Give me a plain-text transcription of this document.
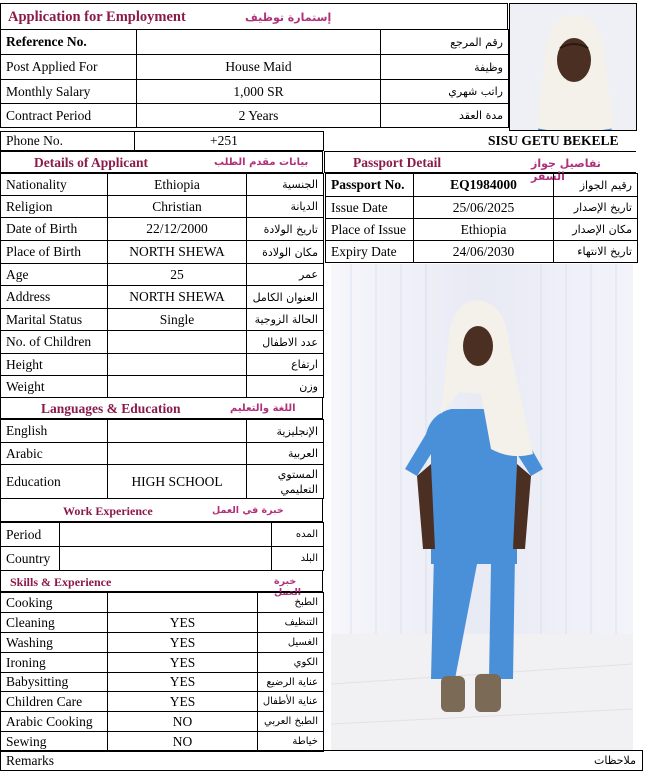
Application for Employment	إستمارة توظيف
Reference No.		رقم المرجع
Post Applied For	House Maid	وظيفة
Monthly Salary	1,000 SR	راتب شهري
Contract Period	2 Years	مدة العقد
Phone No.	+251	SISU GETU BEKELE
Details of Applicant	بيانات مقدم الطلب
Nationality	Ethiopia	الجنسية
Religion	Christian	الديانة
Date of Birth	22/12/2000	تاريخ الولادة
Place of Birth	NORTH SHEWA	مكان الولادة
Age	25	عمر
Address	NORTH SHEWA	العنوان الكامل
Marital Status	Single	الحالة الزوجية
No. of Children		عدد الاطفال
Height		ارتفاع
Weight		وزن
Languages & Education	اللغة والتعليم
English		الإنجليزية
Arabic		العربية
Education	HIGH SCHOOL	المستوي
التعليمي
Work Experience	خبرة في العمل
Period		المده
Country		البلد
Skills & Experience	خبرة العمل
Cooking		الطبخ
Cleaning	YES	التنظيف
Washing	YES	الغسيل
Ironing	YES	الكوي
Babysitting	YES	عناية الرضيع
Children Care	YES	عناية الأطفال
Arabic Cooking	NO	الطبخ العربي
Sewing	NO	خياطة
Passport Detail	تفاصيل جواز السفر
Passport No.	EQ1984000	رقيم الجواز
Issue Date	25/06/2025	تاريخ الإصدار
Place of Issue	Ethiopia	مكان الإصدار
Expiry Date	24/06/2030	تاريخ الانتهاء
Remarks	ملاحظات
